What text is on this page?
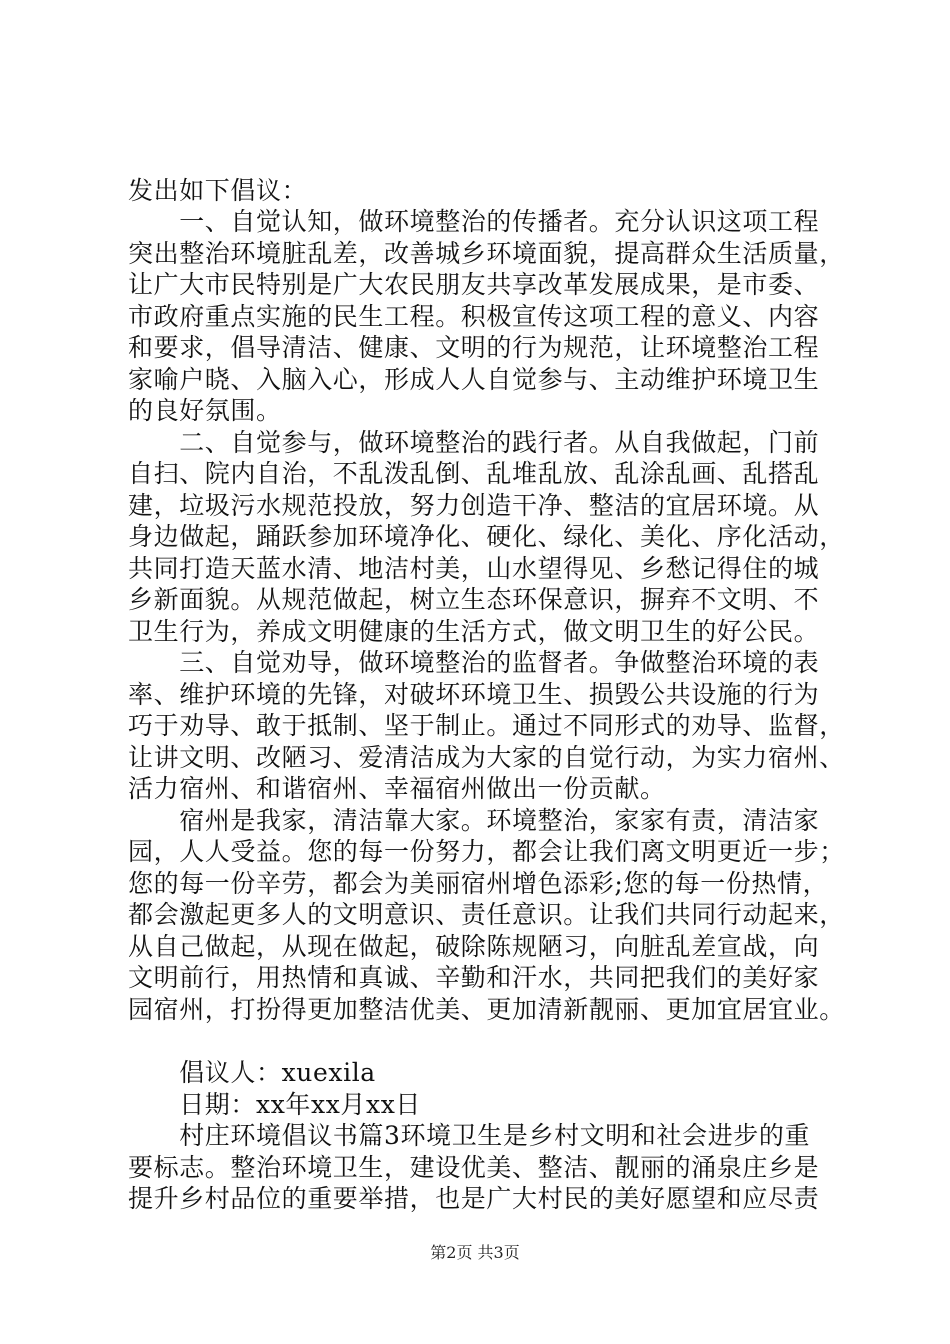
发出如下倡议：
　　一、自觉认知，做环境整治的传播者。充分认识这项工程
突出整治环境脏乱差，改善城乡环境面貌，提高群众生活质量，
让广大市民特别是广大农民朋友共享改革发展成果，是市委、
市政府重点实施的民生工程。积极宣传这项工程的意义、内容
和要求，倡导清洁、健康、文明的行为规范，让环境整治工程
家喻户晓、入脑入心，形成人人自觉参与、主动维护环境卫生
的良好氛围。
　　二、自觉参与，做环境整治的践行者。从自我做起，门前
自扫、院内自治，不乱泼乱倒、乱堆乱放、乱涂乱画、乱搭乱
建，垃圾污水规范投放，努力创造干净、整洁的宜居环境。从
身边做起，踊跃参加环境净化、硬化、绿化、美化、序化活动，
共同打造天蓝水清、地洁村美，山水望得见、乡愁记得住的城
乡新面貌。从规范做起，树立生态环保意识，摒弃不文明、不
卫生行为，养成文明健康的生活方式，做文明卫生的好公民。
　　三、自觉劝导，做环境整治的监督者。争做整治环境的表
率、维护环境的先锋，对破坏环境卫生、损毁公共设施的行为
巧于劝导、敢于抵制、坚于制止。通过不同形式的劝导、监督，
让讲文明、改陋习、爱清洁成为大家的自觉行动，为实力宿州、
活力宿州、和谐宿州、幸福宿州做出一份贡献。
　　宿州是我家，清洁靠大家。环境整治，家家有责，清洁家
园，人人受益。您的每一份努力，都会让我们离文明更近一步；
您的每一份辛劳，都会为美丽宿州增色添彩;您的每一份热情，
都会激起更多人的文明意识、责任意识。让我们共同行动起来，
从自己做起，从现在做起，破除陈规陋习，向脏乱差宣战，向
文明前行，用热情和真诚、辛勤和汗水，共同把我们的美好家
园宿州，打扮得更加整洁优美、更加清新靓丽、更加宜居宜业。
　　倡议人：xuexila
　　日期：xx年xx月xx日
　　村庄环境倡议书篇3环境卫生是乡村文明和社会进步的重
要标志。整治环境卫生，建设优美、整洁、靓丽的涌泉庄乡是
提升乡村品位的重要举措，也是广大村民的美好愿望和应尽责
第2页 共3页
